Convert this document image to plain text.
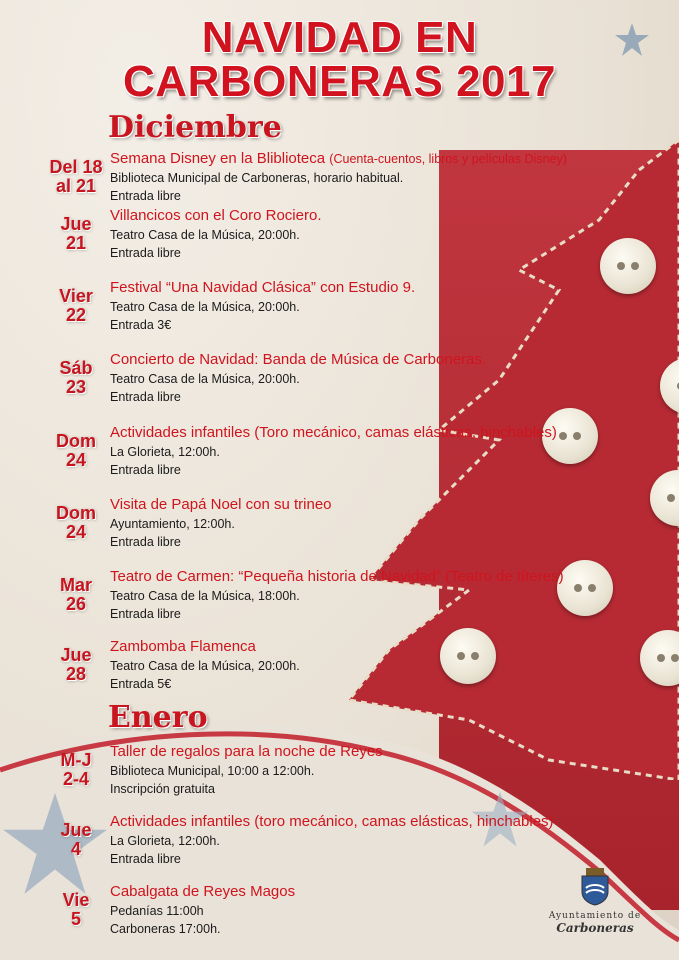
NAVIDAD EN
CARBONERAS 2017
Diciembre
Enero
Del 18
al 21
Semana Disney en la Bliblioteca (Cuenta-cuentos, libros y películas Disney)
Biblioteca Municipal de Carboneras, horario habitual.
Entrada libre
Jue
21
Villancicos con el Coro Rociero.
Teatro Casa de la Música, 20:00h.
Entrada libre
Vier
22
Festival “Una Navidad Clásica” con Estudio 9.
Teatro Casa de la Música, 20:00h.
Entrada 3€
Sáb
23
Concierto de Navidad: Banda de Música de Carboneras.
Teatro Casa de la Música, 20:00h.
Entrada libre
Dom
24
Actividades infantiles (Toro mecánico, camas elásticas, hinchables)
La Glorieta, 12:00h.
Entrada libre
Dom
24
Visita de Papá Noel con su trineo
Ayuntamiento, 12:00h.
Entrada libre
Mar
26
Teatro de Carmen: “Pequeña historia de Navidad” (Teatro de títeres)
Teatro Casa de la Música, 18:00h.
Entrada libre
Jue
28
Zambomba Flamenca
Teatro Casa de la Música, 20:00h.
Entrada 5€
M-J
2-4
Taller de regalos para la noche de Reyes
Biblioteca Municipal, 10:00 a 12:00h.
Inscripción gratuita
Jue
4
Actividades infantiles (toro mecánico, camas elásticas, hinchables)
La Glorieta, 12:00h.
Entrada libre
Vie
5
Cabalgata de Reyes Magos
Pedanías 11:00h
Carboneras 17:00h.
Ayuntamiento de
Carboneras
